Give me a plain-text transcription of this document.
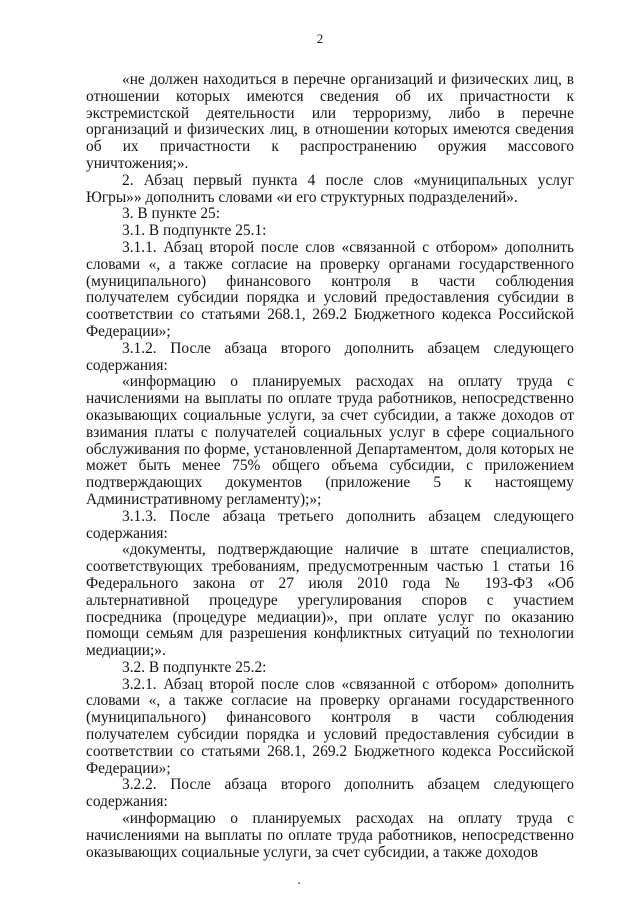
2

«не должен находиться в перечне организаций и физических лиц, в отношении которых имеются сведения об их причастности к экстремистской деятельности или терроризму, либо в перечне организаций и физических лиц, в отношении которых имеются сведения об их причастности к распространению оружия массового уничтожения;».

2. Абзац первый пункта 4 после слов «муниципальных услуг Югры»» дополнить словами «и его структурных подразделений».

3. В пункте 25:

3.1. В подпункте 25.1:

3.1.1. Абзац второй после слов «связанной с отбором» дополнить словами «, а также согласие на проверку органами государственного (муниципального) финансового контроля в части соблюдения получателем субсидии порядка и условий предоставления субсидии в соответствии со статьями 268.1, 269.2 Бюджетного кодекса Российской Федерации»;

3.1.2. После абзаца второго дополнить абзацем следующего содержания:

«информацию о планируемых расходах на оплату труда с начислениями на выплаты по оплате труда работников, непосредственно оказывающих социальные услуги, за счет субсидии, а также доходов от взимания платы с получателей социальных услуг в сфере социального обслуживания по форме, установленной Департаментом, доля которых не может быть менее 75% общего объема субсидии, с приложением подтверждающих документов (приложение 5 к настоящему Административному регламенту);»;

3.1.3. После абзаца третьего дополнить абзацем следующего содержания:

«документы, подтверждающие наличие в штате специалистов, соответствующих требованиям, предусмотренным частью 1 статьи 16 Федерального закона от 27 июля 2010 года № 193-ФЗ «Об альтернативной процедуре урегулирования споров с участием посредника (процедуре медиации)», при оплате услуг по оказанию помощи семьям для разрешения конфликтных ситуаций по технологии медиации;».

3.2. В подпункте 25.2:

3.2.1. Абзац второй после слов «связанной с отбором» дополнить словами «, а также согласие на проверку органами государственного (муниципального) финансового контроля в части соблюдения получателем субсидии порядка и условий предоставления субсидии в соответствии со статьями 268.1, 269.2 Бюджетного кодекса Российской Федерации»;

3.2.2. После абзаца второго дополнить абзацем следующего содержания:

«информацию о планируемых расходах на оплату труда с начислениями на выплаты по оплате труда работников, непосредственно оказывающих социальные услуги, за счет субсидии, а также доходов
